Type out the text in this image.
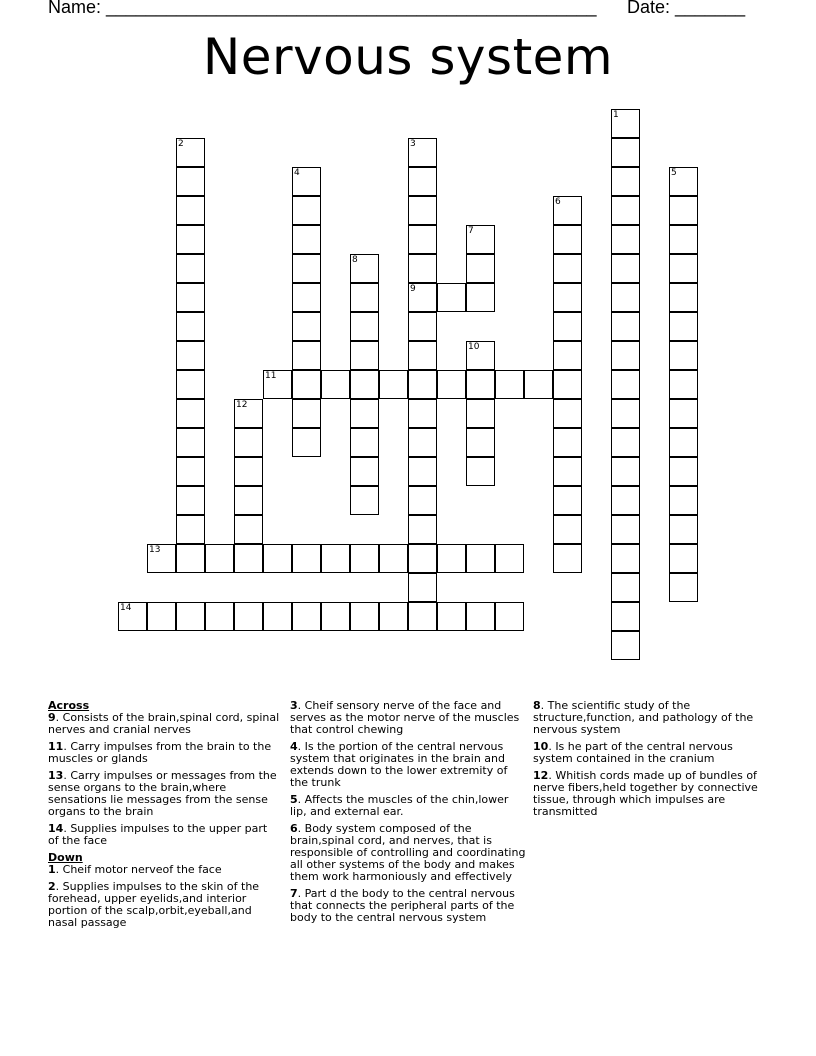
Name: _________________________________________________ Date: _______
Nervous system
1
2	3
9
4	5
6
7
8
10
11
12
13
14

Across

9. Consists of the brain,spinal cord, spinal nerves and cranial nerves

11. Carry impulses from the brain to the muscles or glands

13. Carry impulses or messages from the sense organs to the brain,where sensations lie messages from the sense organs to the brain

14. Supplies impulses to the upper part of the face

Down

1. Cheif motor nerveof the face

2. Supplies impulses to the skin of the forehead, upper eyelids,and interior portion of the scalp,orbit,eyeball,and nasal passage

3. Cheif sensory nerve of the face and serves as the motor nerve of the muscles that control chewing

4. Is the portion of the central nervous system that originates in the brain and extends down to the lower extremity of the trunk

5. Affects the muscles of the chin,lower lip, and external ear.

6. Body system composed of the brain,spinal cord, and nerves, that is responsible of controlling and coordinating all other systems of the body and makes them work harmoniously and effectively

7. Part d the body to the central nervous that connects the peripheral parts of the body to the central nervous system

8. The scientific study of the structure,function, and pathology of the nervous system

10. Is he part of the central nervous system contained in the cranium

12. Whitish cords made up of bundles of nerve fibers,held together by connective tissue, through which impulses are transmitted
